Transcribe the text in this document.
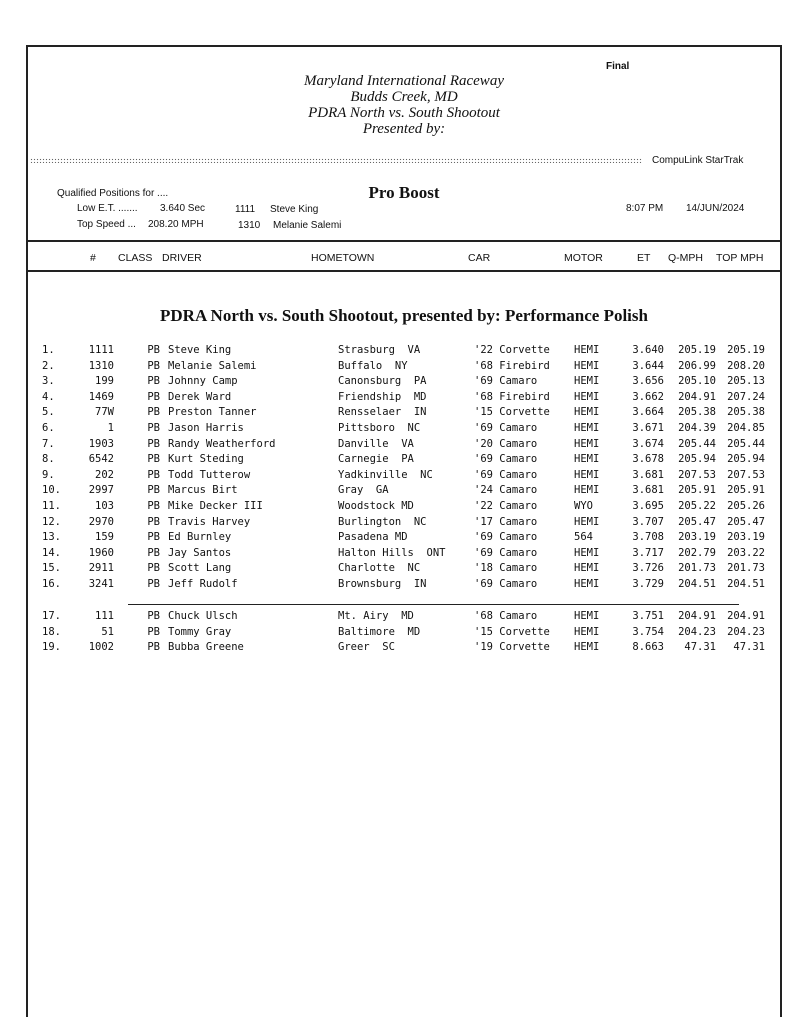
Final
Maryland International Raceway
Budds Creek, MD
PDRA North vs. South Shootout
Presented by:
CompuLink StarTrak
Pro Boost
Qualified Positions for ....
Low E.T. ....... 3.640 Sec	1111 Steve King
Top Speed ... 208.20 MPH	1310 Melanie Salemi
8:07 PM 14/JUN/2024
# CLASS DRIVER	HOMETOWN	CAR	MOTOR	ET Q-MPH TOP MPH
PDRA North vs. South Shootout, presented by: Performance Polish
1.	1111	PB	Steve King	Strasburg  VA	'22 Corvette	HEMI	3.640	205.19	205.19
2.	1310	PB	Melanie Salemi	Buffalo  NY	'68 Firebird	HEMI	3.644	206.99	208.20
3.	199	PB	Johnny Camp	Canonsburg  PA	'69 Camaro	HEMI	3.656	205.10	205.13
4.	1469	PB	Derek Ward	Friendship  MD	'68 Firebird	HEMI	3.662	204.91	207.24
5.	77W	PB	Preston Tanner	Rensselaer  IN	'15 Corvette	HEMI	3.664	205.38	205.38
6.	1	PB	Jason Harris	Pittsboro  NC	'69 Camaro	HEMI	3.671	204.39	204.85
7.	1903	PB	Randy Weatherford	Danville  VA	'20 Camaro	HEMI	3.674	205.44	205.44
8.	6542	PB	Kurt Steding	Carnegie  PA	'69 Camaro	HEMI	3.678	205.94	205.94
9.	202	PB	Todd Tutterow	Yadkinville  NC	'69 Camaro	HEMI	3.681	207.53	207.53
10.	2997	PB	Marcus Birt	Gray  GA	'24 Camaro	HEMI	3.681	205.91	205.91
11.	103	PB	Mike Decker III	Woodstock MD	'22 Camaro	WYO	3.695	205.22	205.26
12.	2970	PB	Travis Harvey	Burlington  NC	'17 Camaro	HEMI	3.707	205.47	205.47
13.	159	PB	Ed Burnley	Pasadena MD	'69 Camaro	564	3.708	203.19	203.19
14.	1960	PB	Jay Santos	Halton Hills  ONT	'69 Camaro	HEMI	3.717	202.79	203.22
15.	2911	PB	Scott Lang	Charlotte  NC	'18 Camaro	HEMI	3.726	201.73	201.73
16.	3241	PB	Jeff Rudolf	Brownsburg  IN	'69 Camaro	HEMI	3.729	204.51	204.51
17.	111	PB	Chuck Ulsch	Mt. Airy  MD	'68 Camaro	HEMI	3.751	204.91	204.91
18.	51	PB	Tommy Gray	Baltimore  MD	'15 Corvette	HEMI	3.754	204.23	204.23
19.	1002	PB	Bubba Greene	Greer  SC	'19 Corvette	HEMI	8.663	47.31	47.31
